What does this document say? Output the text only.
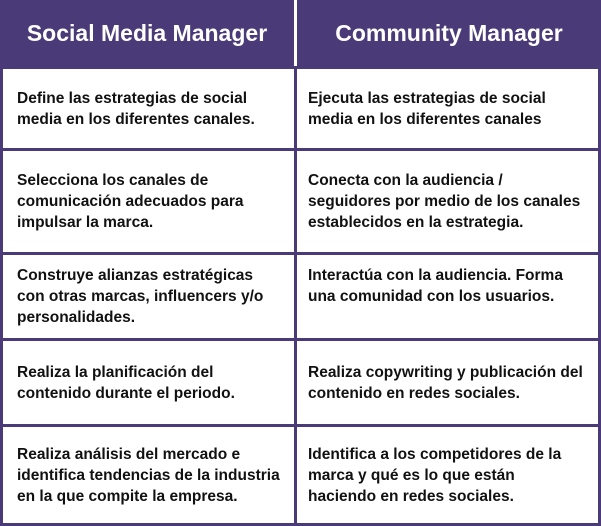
Social Media Manager	Community Manager
Define las estrategias de social media en los diferentes canales.
Ejecuta las estrategias de social media en los diferentes canales
Selecciona los canales de comunicación adecuados para impulsar la marca.
Conecta con la audiencia / seguidores por medio de los canales establecidos en la estrategia.
Construye alianzas estratégicas con otras marcas, influencers y/o personalidades.
Interactúa con la audiencia. Forma una comunidad con los usuarios.
Realiza la planificación del contenido durante el periodo.
Realiza copywriting y publicación del contenido en redes sociales.
Realiza análisis del mercado e identifica tendencias de la industria en la que compite la empresa.
Identifica a los competidores de la marca y qué es lo que están haciendo en redes sociales.
